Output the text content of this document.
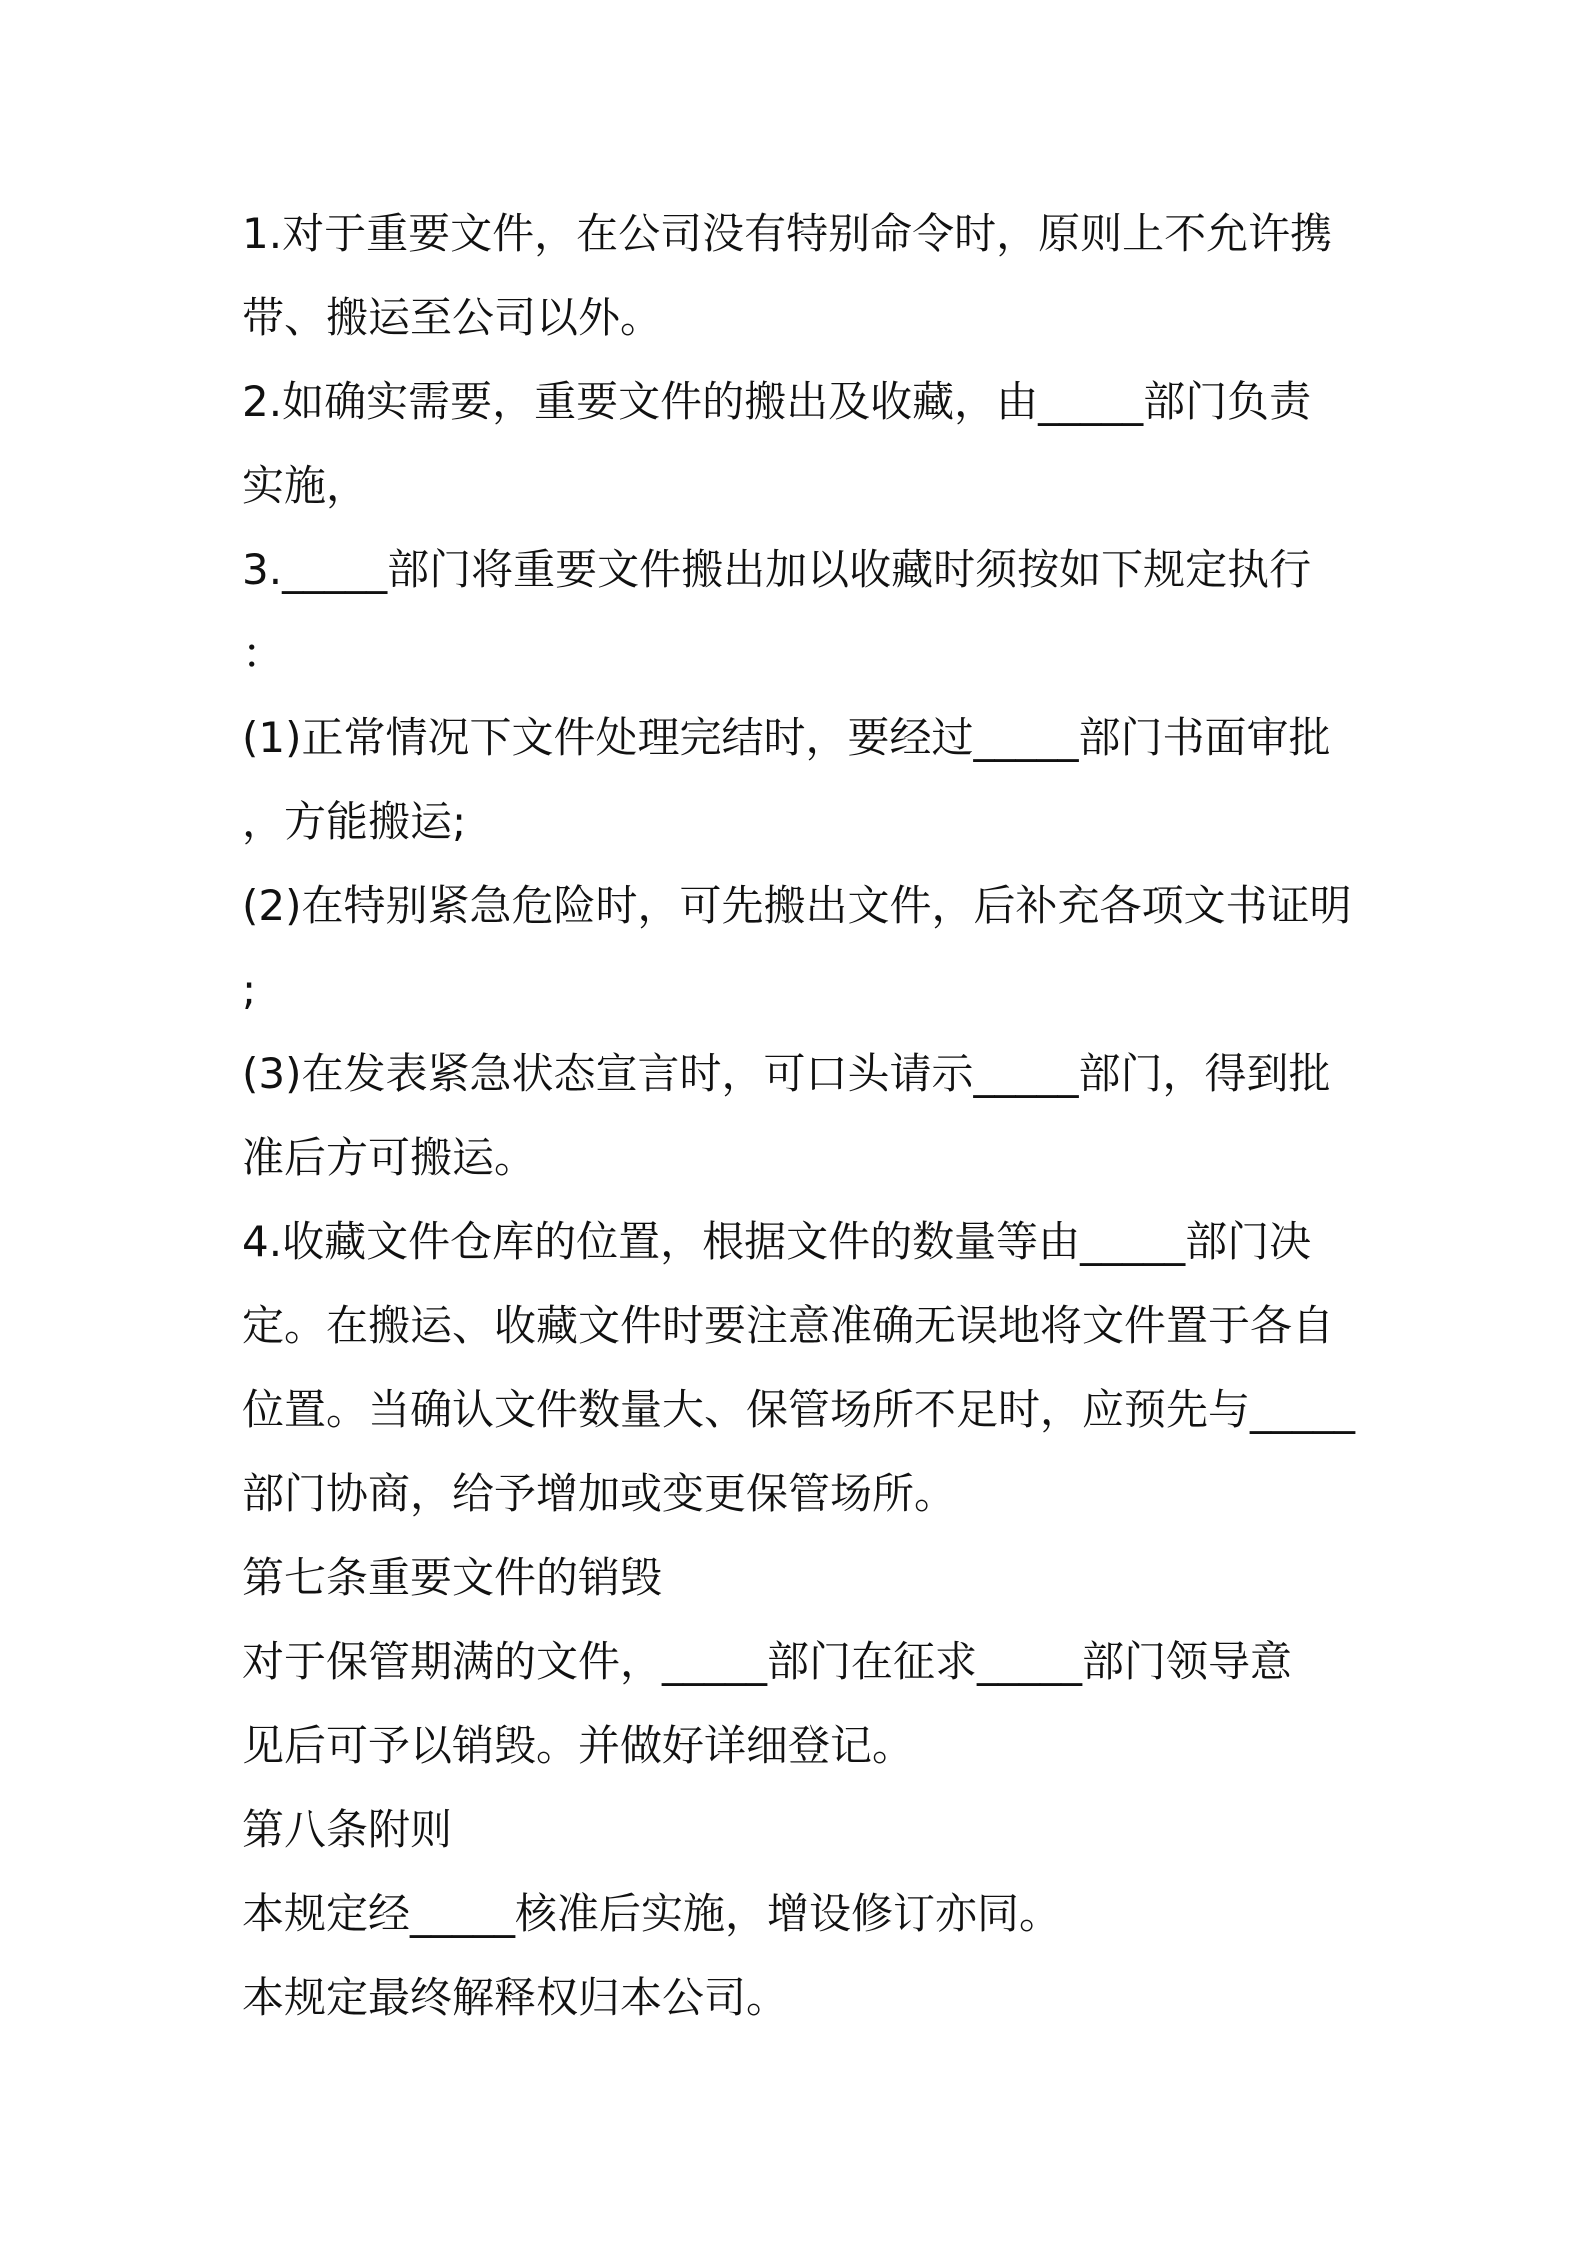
1.对于重要文件，在公司没有特别命令时，原则上不允许携
带、搬运至公司以外。
2.如确实需要，重要文件的搬出及收藏，由_____部门负责
实施，
3._____部门将重要文件搬出加以收藏时须按如下规定执行
：
(1)正常情况下文件处理完结时，要经过_____部门书面审批
，方能搬运;
(2)在特别紧急危险时，可先搬出文件，后补充各项文书证明
;
(3)在发表紧急状态宣言时，可口头请示_____部门，得到批
准后方可搬运。
4.收藏文件仓库的位置，根据文件的数量等由_____部门决
定。在搬运、收藏文件时要注意准确无误地将文件置于各自
位置。当确认文件数量大、保管场所不足时，应预先与_____
部门协商，给予增加或变更保管场所。
第七条重要文件的销毁
对于保管期满的文件，_____部门在征求_____部门领导意
见后可予以销毁。并做好详细登记。
第八条附则
本规定经_____核准后实施，增设修订亦同。
本规定最终解释权归本公司。
